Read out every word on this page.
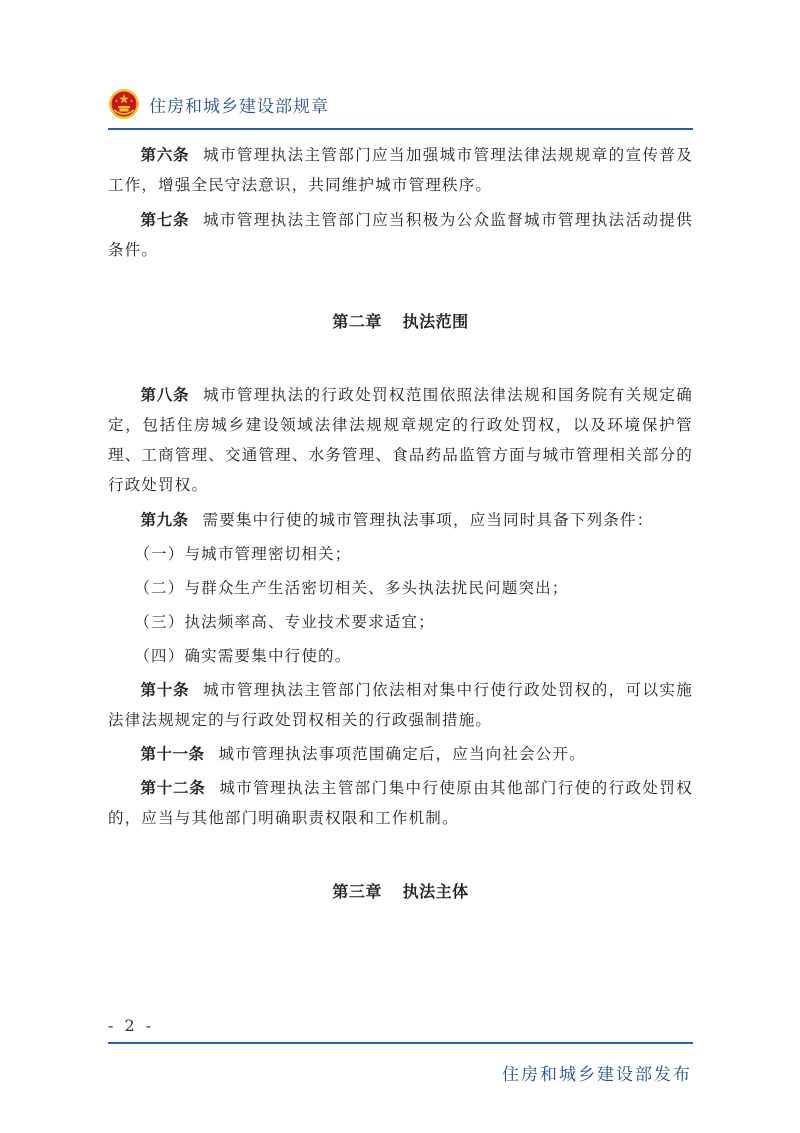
住房和城乡建设部规章

第六条 城市管理执法主管部门应当加强城市管理法律法规规章的宣传普及工作，增强全民守法意识，共同维护城市管理秩序。

第七条 城市管理执法主管部门应当积极为公众监督城市管理执法活动提供条件。

第二章 执法范围

第八条 城市管理执法的行政处罚权范围依照法律法规和国务院有关规定确定，包括住房城乡建设领域法律法规规章规定的行政处罚权，以及环境保护管理、工商管理、交通管理、水务管理、食品药品监管方面与城市管理相关部分的行政处罚权。

第九条 需要集中行使的城市管理执法事项，应当同时具备下列条件：

（一）与城市管理密切相关；

（二）与群众生产生活密切相关、多头执法扰民问题突出；

（三）执法频率高、专业技术要求适宜；

（四）确实需要集中行使的。

第十条 城市管理执法主管部门依法相对集中行使行政处罚权的，可以实施法律法规规定的与行政处罚权相关的行政强制措施。

第十一条 城市管理执法事项范围确定后，应当向社会公开。

第十二条 城市管理执法主管部门集中行使原由其他部门行使的行政处罚权的，应当与其他部门明确职责权限和工作机制。

第三章 执法主体
- 2 -
住房和城乡建设部发布
